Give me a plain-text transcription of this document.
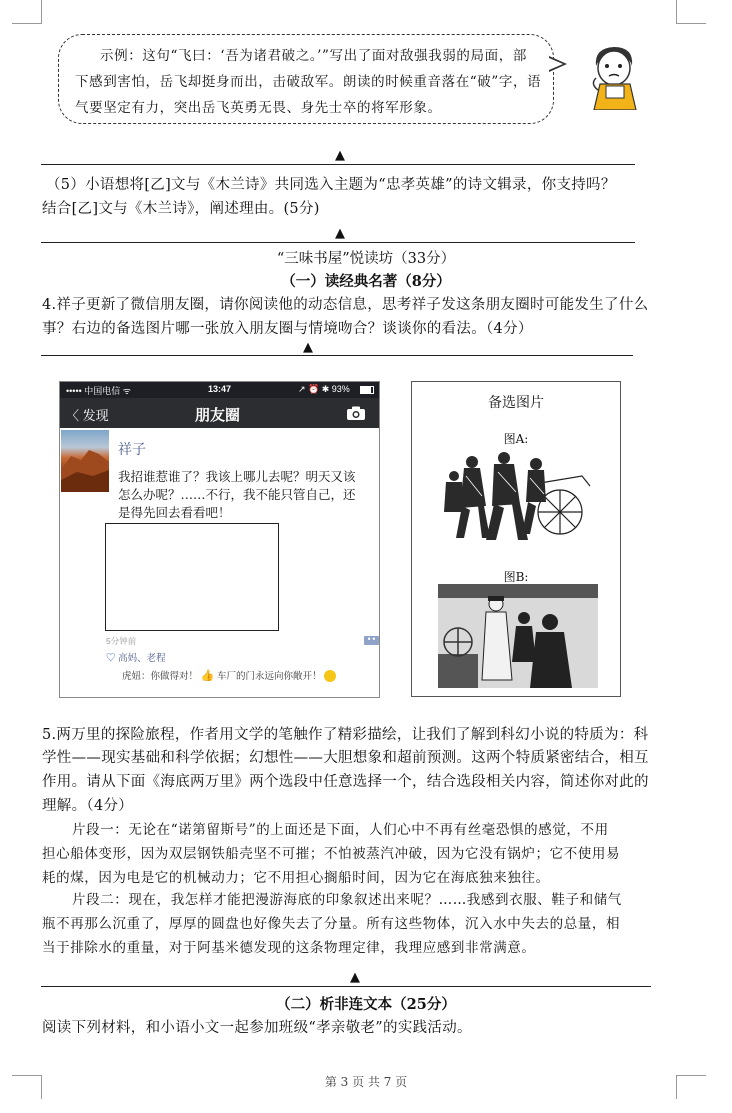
示例：这句“飞曰：‘吾为诸君破之。’”写出了面对敌强我弱的局面，部
下感到害怕，岳飞却挺身而出，击破敌军。朗读的时候重音落在“破”字，语
气要坚定有力，突出岳飞英勇无畏、身先士卒的将军形象。
▲
（5）小语想将[乙]文与《木兰诗》共同选入主题为“忠孝英雄”的诗文辑录，你支持吗？
结合[乙]文与《木兰诗》，阐述理由。(5分)
▲
“三味书屋”悦读坊（33分）
（一）读经典名著（8分）
4.祥子更新了微信朋友圈，请你阅读他的动态信息，思考祥子发这条朋友圈时可能发生了什么
事？右边的备选图片哪一张放入朋友圈与情境吻合？谈谈你的看法。（4分）
▲
••••• 中国电信 ᯤ	13:47	↗ ⏰ ✱ 93%
〈 发现	朋友圈
祥子
我招谁惹谁了？我该上哪儿去呢？明天又该
怎么办呢？……不行，我不能只管自己，还
是得先回去看看吧！
5分钟前	••
♡ 高妈、老程
虎妞：你做得对！ 👍 车厂的门永远向你敞开！
备选图片
图A:
图B:
5.两万里的探险旅程，作者用文学的笔触作了精彩描绘，让我们了解到科幻小说的特质为：科
学性——现实基础和科学依据；幻想性——大胆想象和超前预测。这两个特质紧密结合，相互
作用。请从下面《海底两万里》两个选段中任意选择一个，结合选段相关内容，简述你对此的
理解。（4分）
片段一：无论在“诺第留斯号”的上面还是下面，人们心中不再有丝毫恐惧的感觉，不用
担心船体变形，因为双层钢铁船壳坚不可摧；不怕被蒸汽冲破，因为它没有锅炉；它不使用易
耗的煤，因为电是它的机械动力；它不用担心搁船时间，因为它在海底独来独往。
片段二：现在，我怎样才能把漫游海底的印象叙述出来呢？……我感到衣服、鞋子和储气
瓶不再那么沉重了，厚厚的圆盘也好像失去了分量。所有这些物体，沉入水中失去的总量，相
当于排除水的重量，对于阿基米德发现的这条物理定律，我理应感到非常满意。
▲
（二）析非连文本（25分）
阅读下列材料，和小语小文一起参加班级“孝亲敬老”的实践活动。
第 3 页 共 7 页
